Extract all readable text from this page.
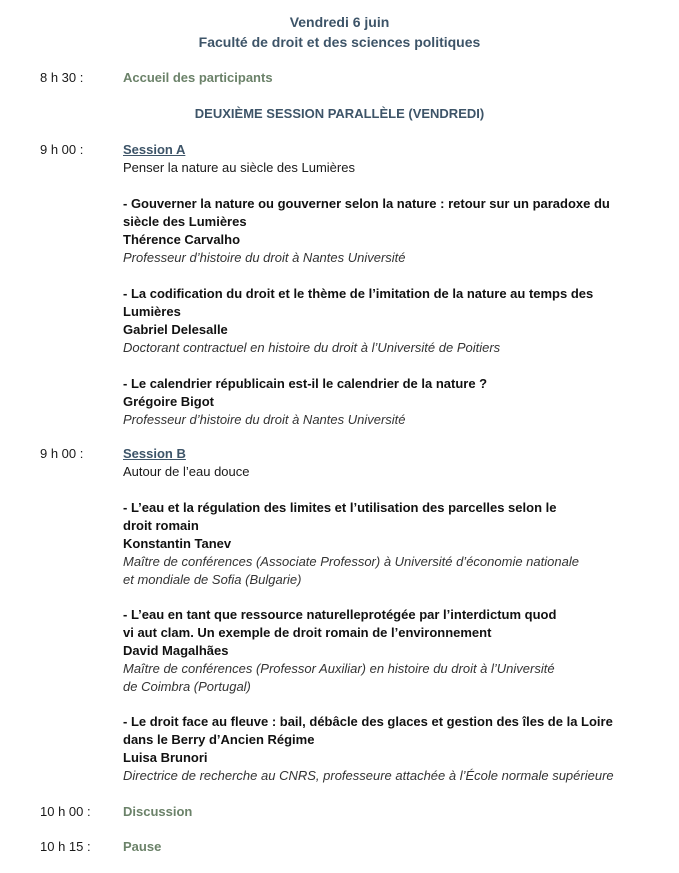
Vendredi 6 juin
Faculté de droit et des sciences politiques
8 h 30 :	Accueil des participants
DEUXIÈME SESSION PARALLÈLE (VENDREDI)
9 h 00 :	Session A
Penser la nature au siècle des Lumières
- Gouverner la nature ou gouverner selon la nature : retour sur un paradoxe du
siècle des Lumières
Thérence Carvalho
Professeur d’histoire du droit à Nantes Université
- La codification du droit et le thème de l’imitation de la nature au temps des
Lumières
Gabriel Delesalle
Doctorant contractuel en histoire du droit à l’Université de Poitiers
- Le calendrier républicain est-il le calendrier de la nature ?
Grégoire Bigot
Professeur d’histoire du droit à Nantes Université
9 h 00 :	Session B
Autour de l’eau douce
- L’eau et la régulation des limites et l’utilisation des parcelles selon le
droit romain
Konstantin Tanev
Maître de conférences (Associate Professor) à Université d’économie nationale
et mondiale de Sofia (Bulgarie)
- L’eau en tant que ressource naturelleprotégée par l’interdictum quod
vi aut clam. Un exemple de droit romain de l’environnement
David Magalhães
Maître de conférences (Professor Auxiliar) en histoire du droit à l’Université
de Coimbra (Portugal)
- Le droit face au fleuve : bail, débâcle des glaces et gestion des îles de la Loire
dans le Berry d’Ancien Régime
Luisa Brunori
Directrice de recherche au CNRS, professeure attachée à l’École normale supérieure
10 h 00 : Discussion
10 h 15 : Pause
